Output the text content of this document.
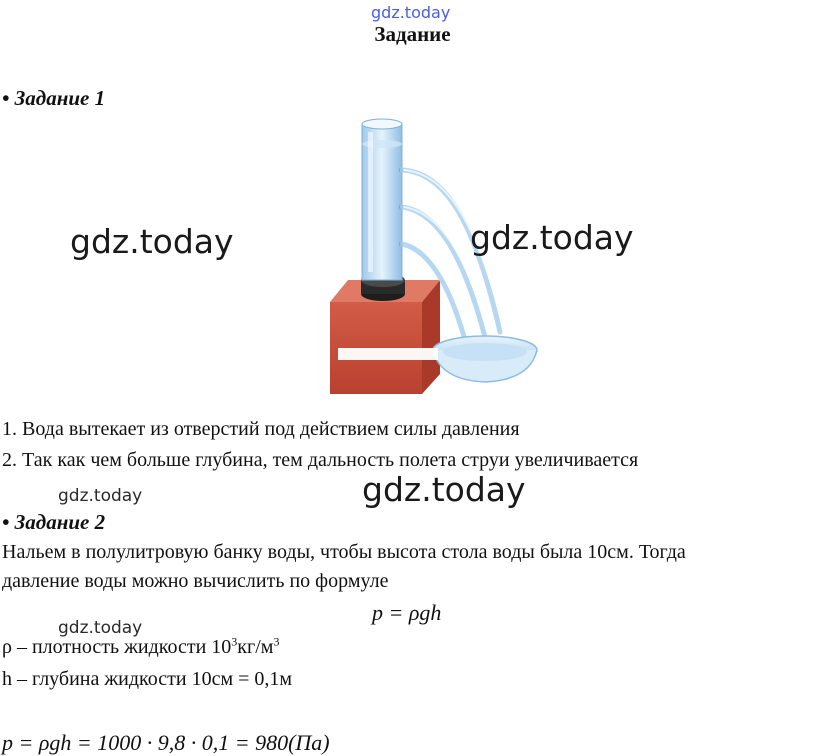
gdz.today
Задание
• Задание 1
gdz.today	gdz.today
1. Вода вытекает из отверстий под действием силы давления
2. Так как чем больше глубина, тем дальность полета струи увеличивается
gdz.today	gdz.today
• Задание 2
Нальем в полулитровую банку воды, чтобы высота стола воды была 10см. Тогда
давление воды можно вычислить по формуле
p = ρgh
gdz.today
ρ – плотность жидкости $10^3кг/м^3$
h – глубина жидкости 10см = 0,1м
p = ρgh = 1000 · 9,8 · 0,1 = 980(Па)
